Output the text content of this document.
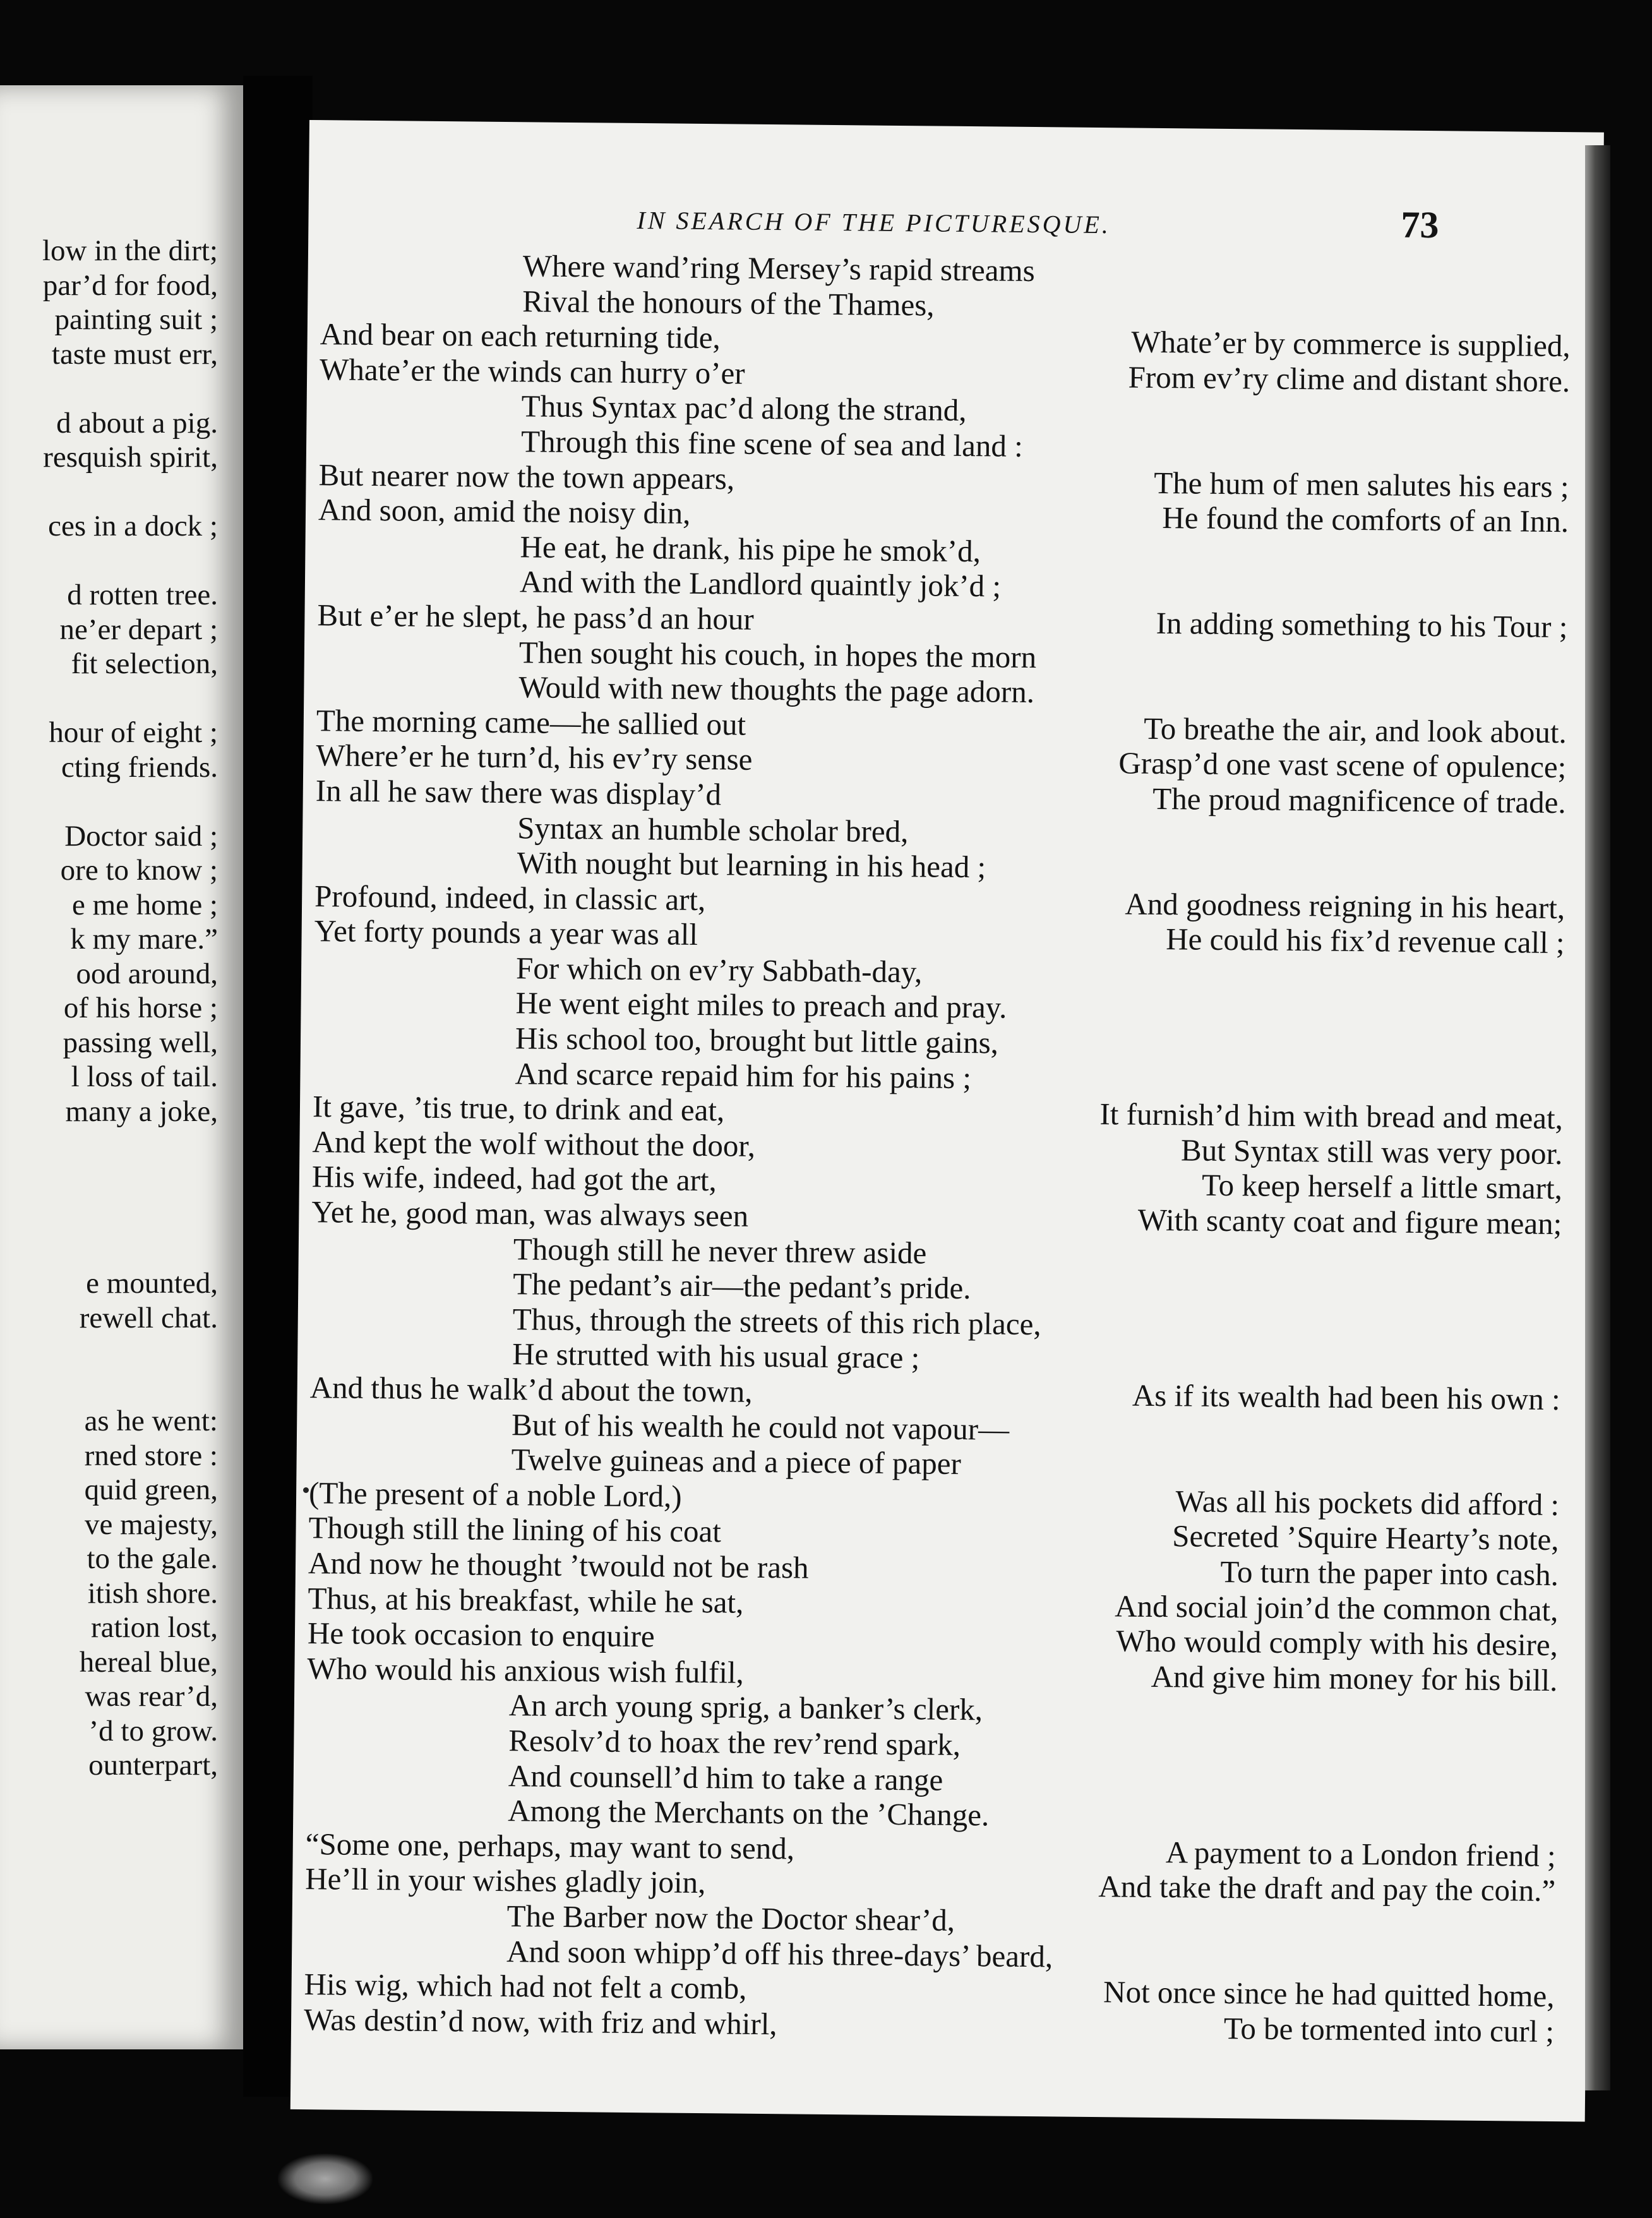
low in the dirt;
par’d for food,
painting suit ;
taste must err,
d about a pig.
resquish spirit,
ces in a dock ;
d rotten tree.
ne’er depart ;
fit selection,
hour of eight ;
cting friends.
Doctor said ;
ore to know ;
e me home ;
k my mare.”
ood around,
of his horse ;
passing well,
l loss of tail.
many a joke,
e mounted,
rewell chat.
as he went:
rned store :
quid green,
ve majesty,
to the gale.
itish shore.
ration lost,
hereal blue,
was rear’d,
’d to grow.
ounterpart,
IN SEARCH OF THE PICTURESQUE.	73
Where wand’ring Mersey’s rapid streams
Rival the honours of the Thames,
And bear on each returning tide,	Whate’er by commerce is supplied,
Whate’er the winds can hurry o’er	From ev’ry clime and distant shore.
Thus Syntax pac’d along the strand,
Through this fine scene of sea and land :
But nearer now the town appears,	The hum of men salutes his ears ;
And soon, amid the noisy din,	He found the comforts of an Inn.
He eat, he drank, his pipe he smok’d,
And with the Landlord quaintly jok’d ;
But e’er he slept, he pass’d an hour	In adding something to his Tour ;
Then sought his couch, in hopes the morn
Would with new thoughts the page adorn.
The morning came—he sallied out	To breathe the air, and look about.
Where’er he turn’d, his ev’ry sense	Grasp’d one vast scene of opulence;
In all he saw there was display’d	The proud magnificence of trade.
Syntax an humble scholar bred,
With nought but learning in his head ;
Profound, indeed, in classic art,	And goodness reigning in his heart,
Yet forty pounds a year was all	He could his fix’d revenue call ;
For which on ev’ry Sabbath-day,
He went eight miles to preach and pray.
His school too, brought but little gains,
And scarce repaid him for his pains ;
It gave, ’tis true, to drink and eat,	It furnish’d him with bread and meat,
And kept the wolf without the door,	But Syntax still was very poor.
His wife, indeed, had got the art,	To keep herself a little smart,
Yet he, good man, was always seen	With scanty coat and figure mean;
Though still he never threw aside
The pedant’s air—the pedant’s pride.
Thus, through the streets of this rich place,
He strutted with his usual grace ;
And thus he walk’d about the town,	As if its wealth had been his own :
But of his wealth he could not vapour—
Twelve guineas and a piece of paper
(The present of a noble Lord,)	Was all his pockets did afford :
Though still the lining of his coat	Secreted ’Squire Hearty’s note,
And now he thought ’twould not be rash	To turn the paper into cash.
Thus, at his breakfast, while he sat,	And social join’d the common chat,
He took occasion to enquire	Who would comply with his desire,
Who would his anxious wish fulfil,	And give him money for his bill.
An arch young sprig, a banker’s clerk,
Resolv’d to hoax the rev’rend spark,
And counsell’d him to take a range
Among the Merchants on the ’Change.
“Some one, perhaps, may want to send,	A payment to a London friend ;
He’ll in your wishes gladly join,	And take the draft and pay the coin.”
The Barber now the Doctor shear’d,
And soon whipp’d off his three-days’ beard,
His wig, which had not felt a comb,	Not once since he had quitted home,
Was destin’d now, with friz and whirl,	To be tormented into curl ;
